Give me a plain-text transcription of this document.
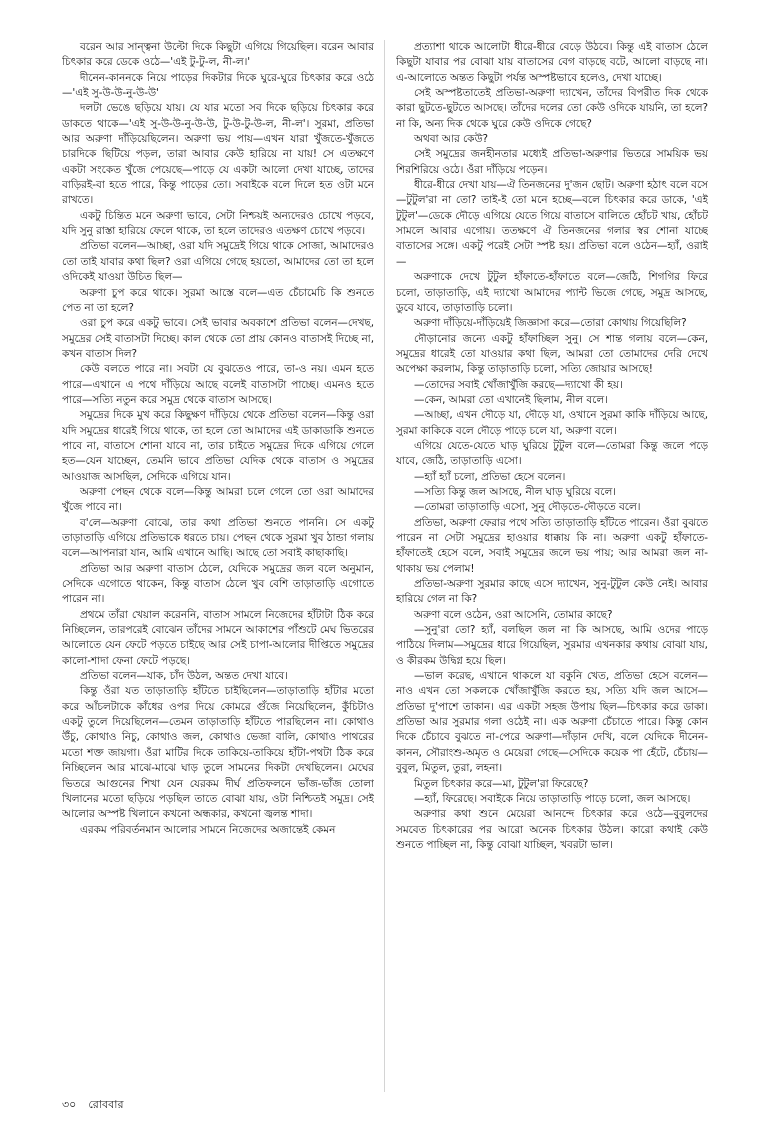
বরেন আর সান্ত্বনা উল্টো দিকে কিছুটা এগিয়ে গিয়েছিল। বরেন আবার চিৎকার করে ডেকে ওঠে—'এই টু-টু-ল, নী-ল।'

দীনেন-কাননকে নিয়ে পাড়ের দিকটার দিকে ঘুরে-ঘুরে চিৎকার করে ওঠে—'এই সু-উ-উ-নু-উ-উ'

দলটা ভেঙে ছড়িয়ে যায়। যে যার মতো সব দিকে ছড়িয়ে চিৎকার করে ডাকতে থাকে—'এই সু-উ-উ-নু-উ-উ, টু-উ-টু-উ-ল, নী-ল'। সুরমা, প্রতিভা আর অরুণা দাঁড়িয়েছিলেন। অরুণা ভয় পায়—এখন যারা খুঁজতে-খুঁজতে চারদিকে ছিটিয়ে পড়ল, তারা আবার কেউ হারিয়ে না যায়! সে এতক্ষণে একটা সংকেত খুঁজে পেয়েছে—পাড়ে যে একটা আলো দেখা যাচ্ছে, তাদের বাড়িরই-বা হতে পারে, কিন্তু পাড়ের তো। সবাইকে বলে দিলে হত ওটা মনে রাখতে।

একটু চিন্তিত মনে অরুণা ভাবে, সেটা নিশ্চয়ই অন্যদেরও চোখে পড়বে, যদি সুনু রাস্তা হারিয়ে ফেলে থাকে, তা হলে তাদেরও এতক্ষণ চোখে পড়বে।

প্রতিভা বলেন—আচ্ছা, ওরা যদি সমুদ্রেই গিয়ে থাকে সোজা, আমাদেরও তো তাই যাবার কথা ছিল? ওরা এগিয়ে গেছে হয়তো, আমাদের তো তা হলে ওদিকেই যাওয়া উচিত ছিল—

অরুণা চুপ করে থাকে। সুরমা আস্তে বলে—এত চেঁচামেচি কি শুনতে পেত না তা হলে?

ওরা চুপ করে একটু ভাবে। সেই ভাবার অবকাশে প্রতিভা বলেন—দেখছ, সমুদ্রের সেই বাতাসটা দিচ্ছে। কাল থেকে তো প্রায় কোনও বাতাসই দিচ্ছে না, কখন বাতাস দিল?

কেউ বলতে পারে না। সবটা যে বুঝতেও পারে, তা-ও নয়। এমন হতে পারে—এখানে এ পথে দাঁড়িয়ে আছে বলেই বাতাসটা পাচ্ছে। এমনও হতে পারে—সত্যি নতুন করে সমুদ্র থেকে বাতাস আসছে।

সমুদ্রের দিকে মুখ করে কিছুক্ষণ দাঁড়িয়ে থেকে প্রতিভা বলেন—কিন্তু ওরা যদি সমুদ্রের ধারেই গিয়ে থাকে, তা হলে তো আমাদের এই ডাকাডাকি শুনতে পাবে না, বাতাসে শোনা যাবে না, তার চাইতে সমুদ্রের দিকে এগিয়ে গেলে হত—যেন যাচ্ছেন, তেমনি ভাবে প্রতিভা যেদিক থেকে বাতাস ও সমুদ্রের আওয়াজ আসছিল, সেদিকে এগিয়ে যান।

অরুণা পেছন থেকে বলে—কিন্তু আমরা চলে গেলে তো ওরা আমাদের খুঁজে পাবে না।

ব'লে—অরুণা বোঝে, তার কথা প্রতিভা শুনতে পাননি। সে একটু তাড়াতাড়ি এগিয়ে প্রতিভাকে ধরতে চায়। পেছন থেকে সুরমা খুব ঠান্ডা গলায় বলে—আপনারা যান, আমি এখানে আছি। আছে তো সবাই কাছাকাছি।

প্রতিভা আর অরুণা বাতাস ঠেলে, যেদিকে সমুদ্রের জল বলে অনুমান, সেদিকে এগোতে থাকেন, কিন্তু বাতাস ঠেলে খুব বেশি তাড়াতাড়ি এগোতে পারেন না।

প্রথমে তাঁরা খেয়াল করেননি, বাতাস সামলে নিজেদের হাঁটাটা ঠিক করে নিচ্ছিলেন, তারপরেই বোঝেন তাঁদের সামনে আকাশের পাঁশুটে মেঘ ভিতরের আলোতে যেন ফেটে পড়তে চাইছে আর সেই চাপা-আলোর দীপ্তিতে সমুদ্রের কালো-শাদা ফেনা ফেটে পড়ছে।

প্রতিভা বলেন—যাক, চাঁদ উঠল, অন্তত দেখা যাবে।

কিন্তু ওঁরা যত তাড়াতাড়ি হাঁটতে চাইছিলেন—তাড়াতাড়ি হাঁটার মতো করে আঁচলটাকে কাঁধের ওপর দিয়ে কোমরে গুঁজে নিয়েছিলেন, কুঁচিটাও একটু তুলে দিয়েছিলেন—তেমন তাড়াতাড়ি হাঁটতে পারছিলেন না। কোথাও উঁচু, কোথাও নিচু, কোথাও জল, কোথাও ভেজা বালি, কোথাও পাথরের মতো শক্ত জায়গা। ওঁরা মাটির দিকে তাকিয়ে-তাকিয়ে হাঁটা-পথটা ঠিক করে নিচ্ছিলেন আর মাঝে-মাঝে ঘাড় তুলে সামনের দিকটা দেখছিলেন। মেঘের ভিতরে আগুনের শিখা যেন যেরকম দীর্ঘ প্রতিফলনে ভাঁজ-ভাঁজ তোলা খিলানের মতো ছড়িয়ে পড়ছিল তাতে বোঝা যায়, ওটা নিশ্চিতই সমুদ্র। সেই আলোর অস্পষ্ট খিলানে কখনো অন্ধকার, কখনো জ্বলন্ত শাদা।

এরকম পরিবর্তনমান আলোর সামনে নিজেদের অজান্তেই কেমন

প্রত্যাশা থাকে আলোটা ধীরে-ধীরে বেড়ে উঠবে। কিন্তু এই বাতাস ঠেলে কিছুটা যাবার পর বোঝা যায় বাতাসের বেগ বাড়ছে বটে, আলো বাড়ছে না। এ-আলোতে অন্তত কিছুটা পর্যন্ত অস্পষ্টভাবে হলেও, দেখা যাচ্ছে।

সেই অস্পষ্টতাতেই প্রতিভা-অরুণা দ্যাখেন, তাঁদের বিপরীত দিক থেকে কারা ছুটতে-ছুটতে আসছে। তাঁদের দলের তো কেউ ওদিকে যায়নি, তা হলে? না কি, অন্য দিক থেকে ঘুরে কেউ ওদিকে গেছে?

অথবা আর কেউ?

সেই সমুদ্রের জনহীনতার মধ্যেই প্রতিভা-অরুণার ভিতরে সাময়িক ভয় শিরশিরিয়ে ওঠে। ওঁরা দাঁড়িয়ে পড়েন।

ধীরে-ধীরে দেখা যায়—ঐ তিনজনের দু'জন ছোট। অরুণা হঠাৎ বলে বসে—টুটুল'রা না তো? তাই-ই তো মনে হচ্ছে—বলে চিৎকার করে ডাকে, 'এই টুটুল'—ডেকে দৌড়ে এগিয়ে যেতে গিয়ে বাতাসে বালিতে হোঁচট খায়, হোঁচট সামলে আবার এগোয়। ততক্ষণে ঐ তিনজনের গলার স্বর শোনা যাচ্ছে বাতাসের সঙ্গে। একটু পরেই সেটা স্পষ্ট হয়। প্রতিভা বলে ওঠেন—হ্যাঁ, ওরাই—

অরুণাকে দেখে টুটুল হাঁফাতে-হাঁফাতে বলে—জেঠি, শিগগির ফিরে চলো, তাড়াতাড়ি, এই দ্যাখো আমাদের প্যান্ট ভিজে গেছে, সমুদ্র আসছে, ডুবে যাবে, তাড়াতাড়ি চলো।

অরুণা দাঁড়িয়ে-দাঁড়িয়েই জিজ্ঞাসা করে—তোরা কোথায় গিয়েছিলি?

দৌড়ানোর জন্যে একটু হাঁফাচ্ছিল সুনু। সে শান্ত গলায় বলে—কেন, সমুদ্রের ধারেই তো যাওয়ার কথা ছিল, আমরা তো তোমাদের দেরি দেখে অপেক্ষা করলাম, কিন্তু তাড়াতাড়ি চলো, সত্যি জোয়ার আসছে!

—তোদের সবাই খোঁজাখুঁজি করছে—দ্যাখো কী হয়।

—কেন, আমরা তো এখানেই ছিলাম, নীল বলে।

—আচ্ছা, এখন দৌড়ে যা, দৌড়ে যা, ওখানে সুরমা কাকি দাঁড়িয়ে আছে, সুরমা কাকিকে বলে দৌড়ে পাড়ে চলে যা, অরুণা বলে।

এগিয়ে যেতে-যেতে ঘাড় ঘুরিয়ে টুটুল বলে—তোমরা কিন্তু জলে পড়ে যাবে, জেঠি, তাড়াতাড়ি এসো।

—হ্যাঁ হ্যাঁ চলো, প্রতিভা হেসে বলেন।

—সত্যি কিন্তু জল আসছে, নীল ঘাড় ঘুরিয়ে বলে।

—তোমরা তাড়াতাড়ি এসো, সুনু দৌড়তে-দৌড়তে বলে।

প্রতিভা, অরুণা ফেরার পথে সত্যি তাড়াতাড়ি হাঁটতে পারেন। ওঁরা বুঝতে পারেন না সেটা সমুদ্রের হাওয়ার ধাক্কায় কি না। অরুণা একটু হাঁফাতে-হাঁফাতেই হেসে বলে, সবাই সমুদ্রের জলে ভয় পায়; আর আমরা জল না-থাকায় ভয় পেলাম!

প্রতিভা-অরুণা সুরমার কাছে এসে দ্যাখেন, সুনু-টুটুল কেউ নেই। আবার হারিয়ে গেল না কি?

অরুণা বলে ওঠেন, ওরা আসেনি, তোমার কাছে?

—সুনু'রা তো? হ্যাঁ, বলছিল জল না কি আসছে, আমি ওদের পাড়ে পাঠিয়ে দিলাম—সমুদ্রের ধারে গিয়েছিল, সুরমার এখনকার কথায় বোঝা যায়, ও কীরকম উদ্বিগ্ন হয়ে ছিল।

—ভাল করেছ, এখানে থাকলে যা বকুনি খেত, প্রতিভা হেসে বলেন—নাও এখন তো সকলকে খোঁজাখুঁজি করতে হয়, সত্যি যদি জল আসে—প্রতিভা দু'পাশে তাকান। এর একটা সহজ উপায় ছিল—চিৎকার করে ডাকা। প্রতিভা আর সুরমার গলা ওঠেই না। এক অরুণা চেঁচাতে পারে। কিন্তু কোন দিকে চেঁচাবে বুঝতে না-পেরে অরুণা—দাঁড়ান দেখি, বলে যেদিকে দীনেন-কানন, সৌরাংশু-অমৃত ও মেয়েরা গেছে—সেদিকে কয়েক পা হেঁটে, চেঁচায়—বুবুল, মিতুল, তুরা, লহনা।

মিতুল চিৎকার করে—মা, টুটুল'রা ফিরেছে?

—হ্যাঁ, ফিরেছে। সবাইকে নিয়ে তাড়াতাড়ি পাড়ে চলো, জল আসছে।

অরুণার কথা শুনে মেয়েরা আনন্দে চিৎকার করে ওঠে—বুবুলদের সমবেত চিৎকারের পর আরো অনেক চিৎকার উঠল। কারো কথাই কেউ শুনতে পাচ্ছিল না, কিন্তু বোঝা যাচ্ছিল, খবরটা ভাল।

৩০ রোববার
